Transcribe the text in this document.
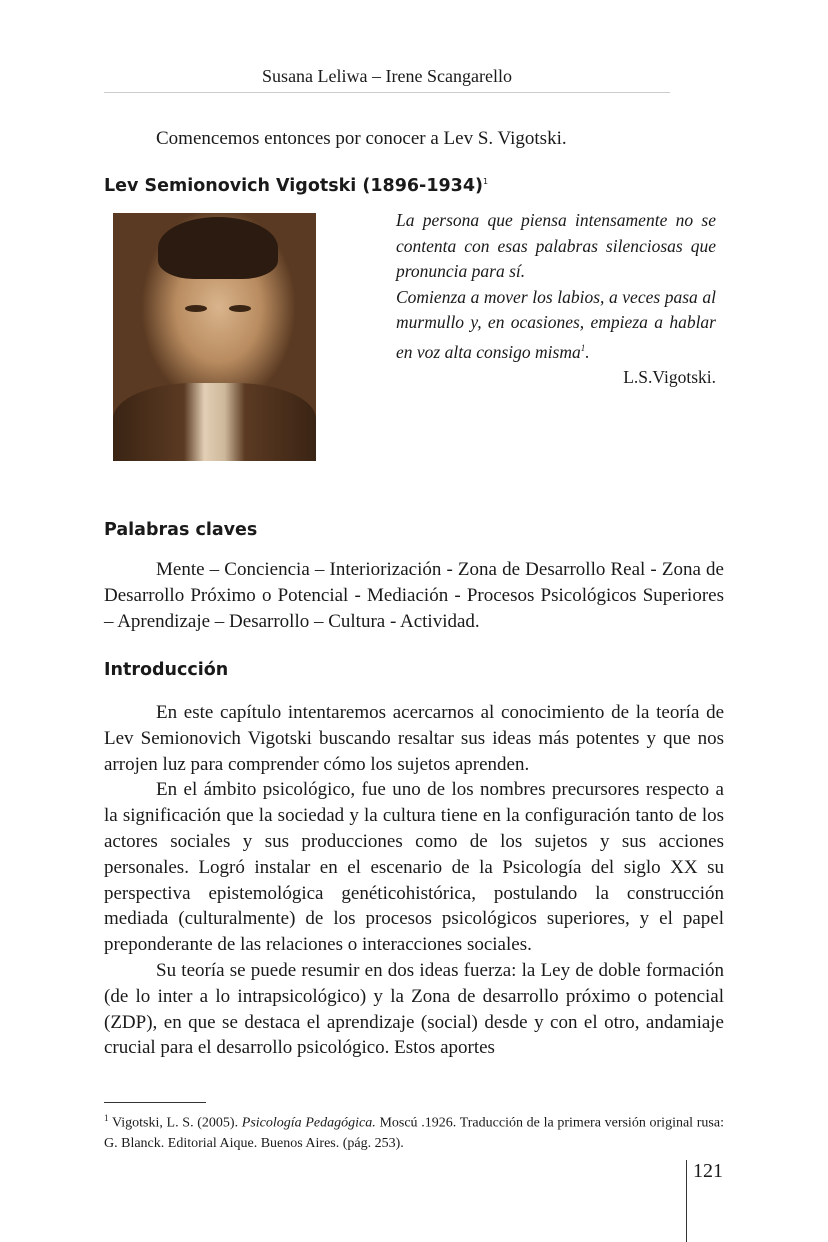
Susana Leliwa – Irene Scangarello

Comencemos entonces por conocer a Lev S. Vigotski.

Lev Semionovich Vigotski (1896-1934)$^1$
La persona que piensa intensamente no se contenta con esas palabras silenciosas que pronuncia para sí.
Comienza a mover los labios, a veces pasa al murmullo y, en ocasiones, empieza a hablar en voz alta consigo misma$^1$.
L.S.Vigotski.
Palabras claves

Mente – Conciencia – Interiorización - Zona de Desarrollo Real - Zona de Desarrollo Próximo o Potencial - Mediación - Procesos Psicológicos Superiores – Aprendizaje – Desarrollo – Cultura - Actividad.

Introducción

En este capítulo intentaremos acercarnos al conocimiento de la teoría de Lev Semionovich Vigotski buscando resaltar sus ideas más potentes y que nos arrojen luz para comprender cómo los sujetos aprenden.

En el ámbito psicológico, fue uno de los nombres precursores respecto a la significación que la sociedad y la cultura tiene en la configuración tanto de los actores sociales y sus producciones como de los sujetos y sus acciones personales. Logró instalar en el escenario de la Psicología del siglo XX su perspectiva epistemológica genéticohistórica, postulando la construcción mediada (culturalmente) de los procesos psicológicos superiores, y el papel preponderante de las relaciones o interacciones sociales.

Su teoría se puede resumir en dos ideas fuerza: la Ley de doble formación (de lo inter a lo intrapsicológico) y la Zona de desarrollo próximo o potencial (ZDP), en que se destaca el aprendizaje (social) desde y con el otro, andamiaje crucial para el desarrollo psicológico. Estos aportes

$^1$ Vigotski, L. S. (2005). Psicología Pedagógica. Moscú .1926. Traducción de la primera versión original rusa: G. Blanck. Editorial Aique. Buenos Aires. (pág. 253).
121
